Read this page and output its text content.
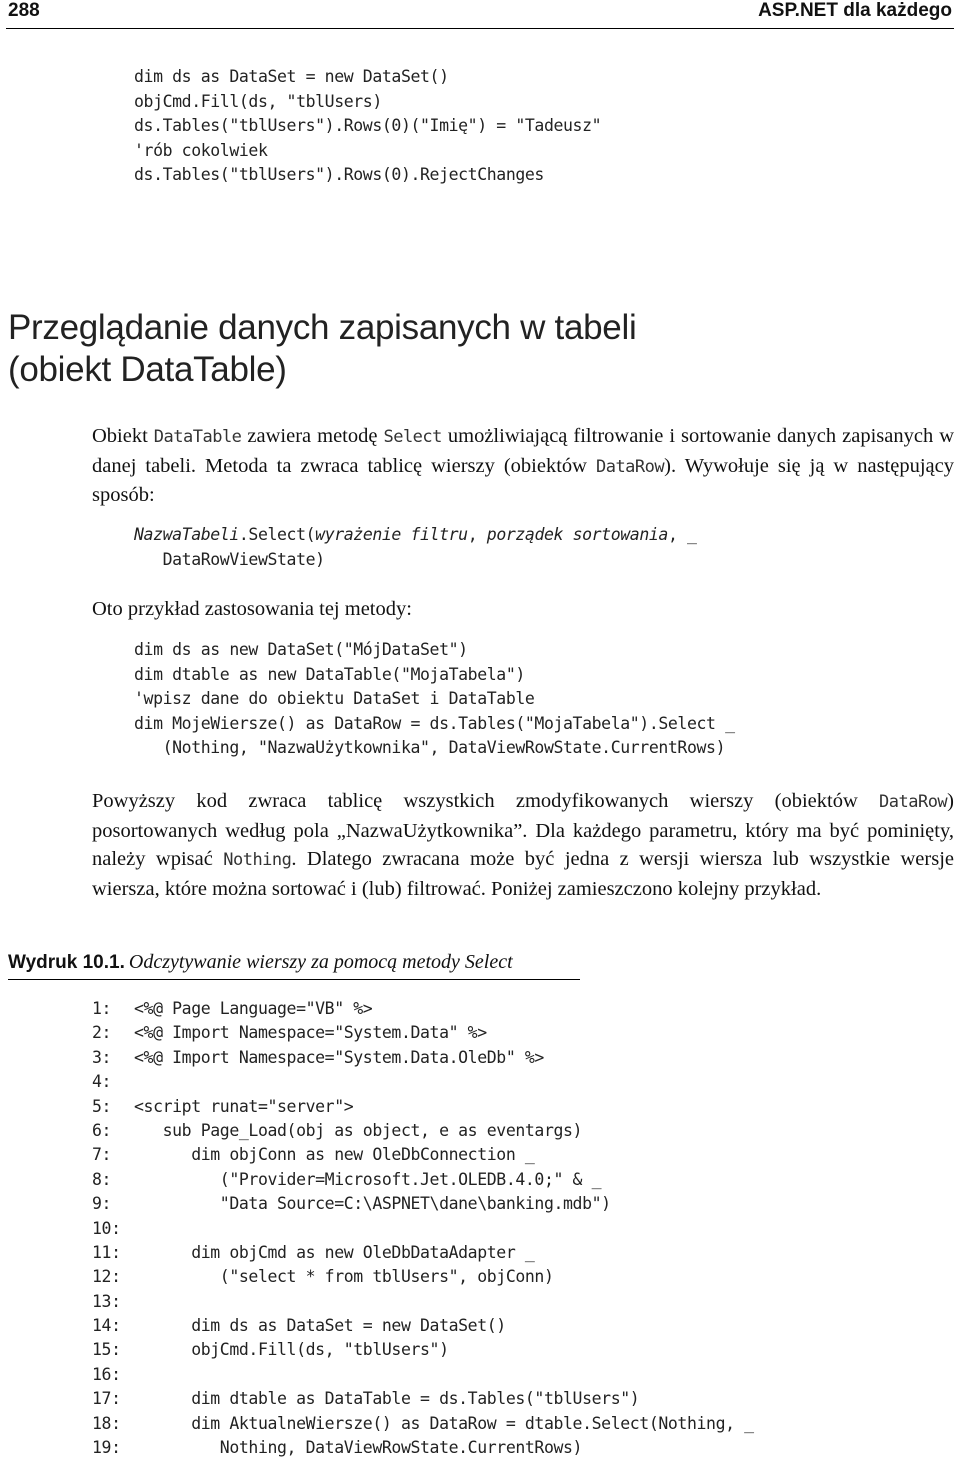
288	ASP.NET dla każdego
dim ds as DataSet = new DataSet()
objCmd.Fill(ds, "tblUsers)
ds.Tables("tblUsers").Rows(0)("Imię") = "Tadeusz"
'rób cokolwiek
ds.Tables("tblUsers").Rows(0).RejectChanges
Przeglądanie danych zapisanych w tabeli
(obiekt DataTable)
Obiekt DataTable zawiera metodę Select umożliwiającą filtrowanie i sortowanie danych zapisanych w danej tabeli. Metoda ta zwraca tablicę wierszy (obiektów DataRow). Wywołuje się ją w następujący sposób:
NazwaTabeli.Select(wyrażenie filtru, porządek sortowania, _
DataRowViewState)
Oto przykład zastosowania tej metody:
dim ds as new DataSet("MójDataSet")
dim dtable as new DataTable("MojaTabela")
'wpisz dane do obiektu DataSet i DataTable
dim MojeWiersze() as DataRow = ds.Tables("MojaTabela").Select _
(Nothing, "NazwaUżytkownika", DataViewRowState.CurrentRows)
Powyższy kod zwraca tablicę wszystkich zmodyfikowanych wierszy (obiektów DataRow) posortowanych według pola „NazwaUżytkownika”. Dla każdego parametru, który ma być pominięty, należy wpisać Nothing. Dlatego zwracana może być jedna z wersji wiersza lub wszystkie wersje wiersza, które można sortować i (lub) filtrować. Poniżej zamieszczono kolejny przykład.
Wydruk 10.1. Odczytywanie wierszy za pomocą metody Select
1: <%@ Page Language="VB" %>
2: <%@ Import Namespace="System.Data" %>
3: <%@ Import Namespace="System.Data.OleDb" %>
4:
5: <script runat="server">
6:   sub Page_Load(obj as object, e as eventargs)
7:      dim objConn as new OleDbConnection _
8:         ("Provider=Microsoft.Jet.OLEDB.4.0;" & _
9:         "Data Source=C:\ASPNET\dane\banking.mdb")
10:
11:      dim objCmd as new OleDbDataAdapter _
12:         ("select * from tblUsers", objConn)
13:
14:      dim ds as DataSet = new DataSet()
15:      objCmd.Fill(ds, "tblUsers")
16:
17:      dim dtable as DataTable = ds.Tables("tblUsers")
18:      dim AktualneWiersze() as DataRow = dtable.Select(Nothing, _
19:         Nothing, DataViewRowState.CurrentRows)
